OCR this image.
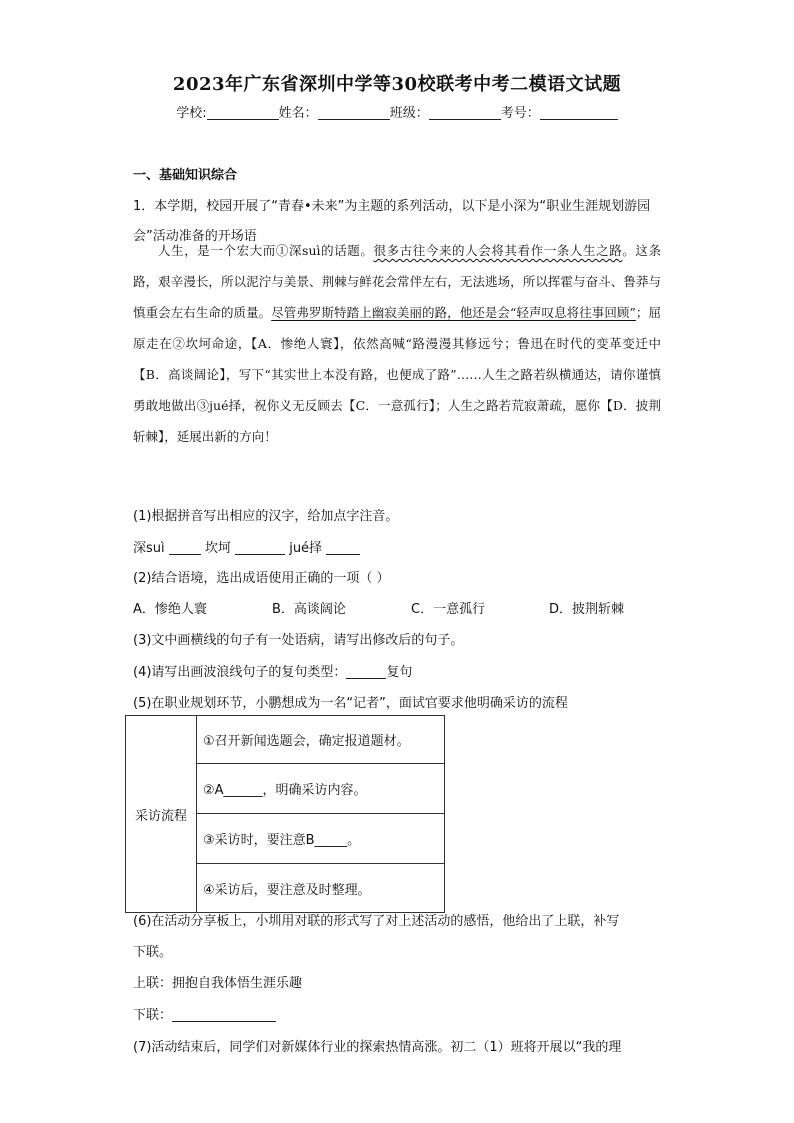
2023年广东省深圳中学等30校联考中考二模语文试题
学校:	姓名：	班级：	考号：
一、基础知识综合
1．本学期，校园开展了“青春•未来”为主题的系列活动，以下是小深为“职业生涯规划游园会”活动准备的开场语

人生，是一个宏大而①深suì的话题。很多古往今来的人会将其看作一条人生之路。这条路，艰辛漫长，所以泥泞与美景、荆棘与鲜花会常伴左右，无法逃场，所以挥霍与奋斗、鲁莽与慎重会左右生命的质量。尽管弗罗斯特踏上幽寂美丽的路，他还是会“轻声叹息将往事回顾”；屈原走在②坎坷命途，【A．惨绝人寰】，依然高喊“路漫漫其修远兮；鲁迅在时代的变革变迁中【B．高谈阔论】，写下“其实世上本没有路，也便成了路”……人生之路若纵横通达，请你谨慎勇敢地做出③jué择，祝你义无反顾去【C．一意孤行】；人生之路若荒寂萧疏，愿你【D．披荆斩棘】，延展出新的方向！

(1)根据拼音写出相应的汉字，给加点字注音。
深suì	坎坷	jué择
(2)结合语境，选出成语使用正确的一项（ ）
A．惨绝人寰	B．高谈阔论	C．一意孤行	D．披荆斩棘
(3)文中画横线的句子有一处语病，请写出修改后的句子。
(4)请写出画波浪线句子的复句类型：	复句
(5)在职业规划环节，小鹏想成为一名“记者”，面试官要求他明确采访的流程
采访流程	①召开新闻选题会，确定报道题材。
②A______，明确采访内容。
③采访时，要注意B_____。
④采访后，要注意及时整理。
(6)在活动分享板上，小圳用对联的形式写了对上述活动的感悟，他给出了上联，补写
下联。
上联：拥抱自我体悟生涯乐趣
下联：
(7)活动结束后，同学们对新媒体行业的探索热情高涨。初二（1）班将开展以“我的理
